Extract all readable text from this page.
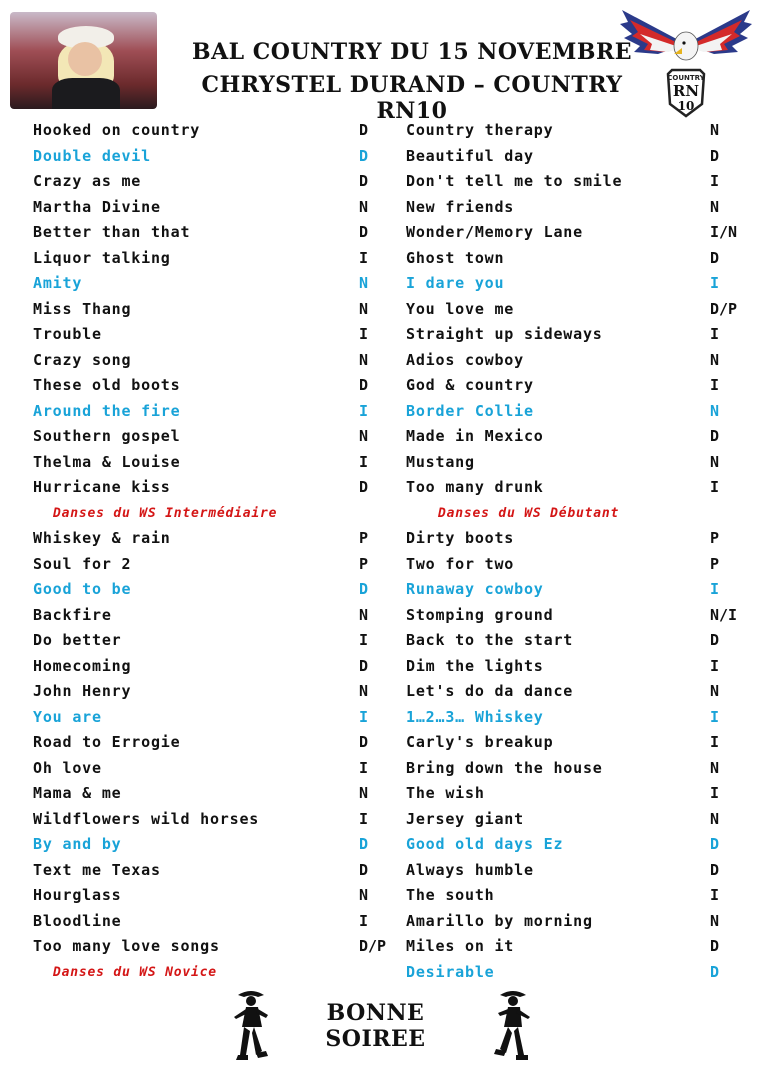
BAL COUNTRY DU 15 NOVEMBRE
CHRYSTEL DURAND – COUNTRY RN10
COUNTRY
RN
10
Hooked on country	D
Double devil	D
Crazy as me	D
Martha Divine	N
Better than that	D
Liquor talking	I
Amity	N
Miss Thang	N
Trouble	I
Crazy song	N
These old boots	D
Around the fire	I
Southern gospel	N
Thelma & Louise	I
Hurricane kiss	D
Danses du WS Intermédiaire
Whiskey & rain	P
Soul for 2	P
Good to be	D
Backfire	N
Do better	I
Homecoming	D
John Henry	N
You are	I
Road to Errogie	D
Oh love	I
Mama & me	N
Wildflowers wild horses	I
By and by	D
Text me Texas	D
Hourglass	N
Bloodline	I
Too many love songs	D/P
Danses du WS Novice
Country therapy	N
Beautiful day	D
Don't tell me to smile	I
New friends	N
Wonder/Memory Lane	I/N
Ghost town	D
I dare you	I
You love me	D/P
Straight up sideways	I
Adios cowboy	N
God & country	I
Border Collie	N
Made in Mexico	D
Mustang	N
Too many drunk	I
Danses du WS Débutant
Dirty boots	P
Two for two	P
Runaway cowboy	I
Stomping ground	N/I
Back to the start	D
Dim the lights	I
Let's do da dance	N
1…2…3… Whiskey	I
Carly's breakup	I
Bring down the house	N
The wish	I
Jersey giant	N
Good old days Ez	D
Always humble	D
The south	I
Amarillo by morning	N
Miles on it	D
Desirable	D
BONNE SOIREE
